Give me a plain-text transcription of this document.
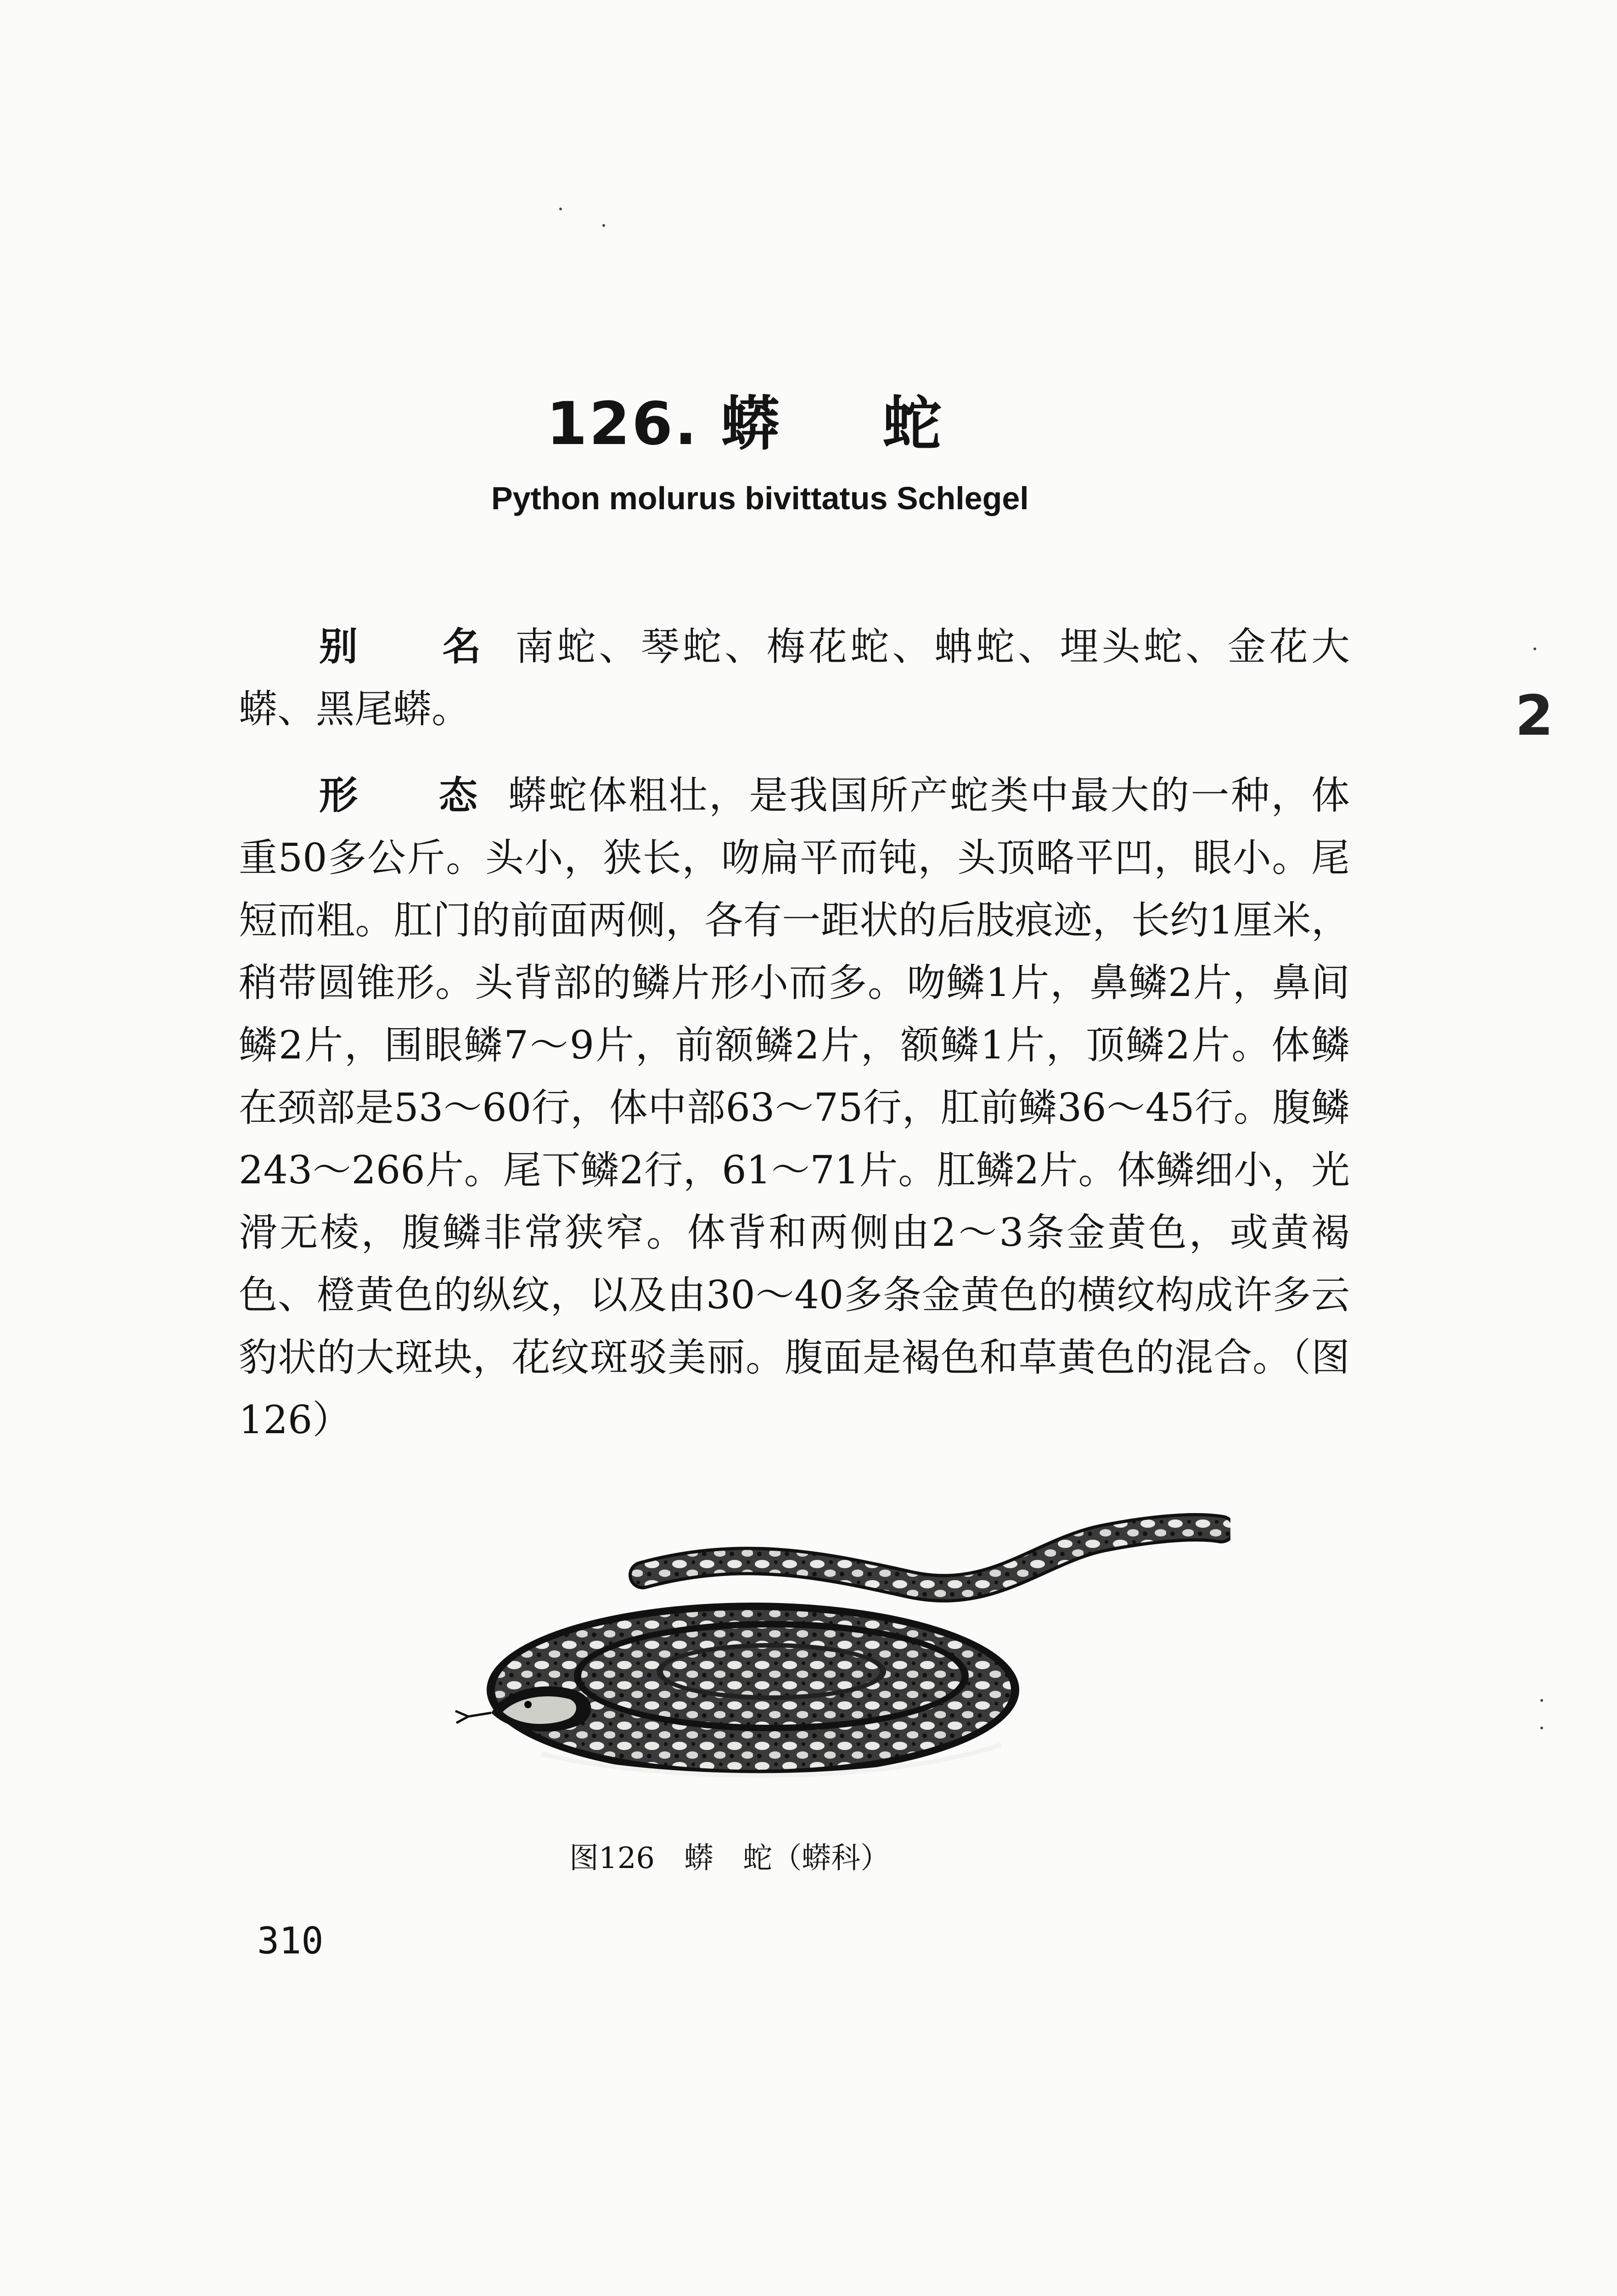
126. 蟒 蛇
Python molurus bivittatus Schlegel

别 名 南蛇、琴蛇、梅花蛇、蚺蛇、埋头蛇、金花大蟒、黑尾蟒。

形 态 蟒蛇体粗壮，是我国所产蛇类中最大的一种，体重50多公斤。头小，狭长，吻扁平而钝，头顶略平凹，眼小。尾短而粗。肛门的前面两侧，各有一距状的后肢痕迹，长约1厘米，稍带圆锥形。头背部的鳞片形小而多。吻鳞1片，鼻鳞2片，鼻间鳞2片，围眼鳞7～9片，前额鳞2片，额鳞1片，顶鳞2片。体鳞在颈部是53～60行，体中部63～75行，肛前鳞36～45行。腹鳞243～266片。尾下鳞2行，61～71片。肛鳞2片。体鳞细小，光滑无棱，腹鳞非常狭窄。体背和两侧由2～3条金黄色，或黄褐色、橙黄色的纵纹，以及由30～40多条金黄色的横纹构成许多云豹状的大斑块，花纹斑驳美丽。腹面是褐色和草黄色的混合。（图126）

图126　蟒　蛇（蟒科）
310
2
